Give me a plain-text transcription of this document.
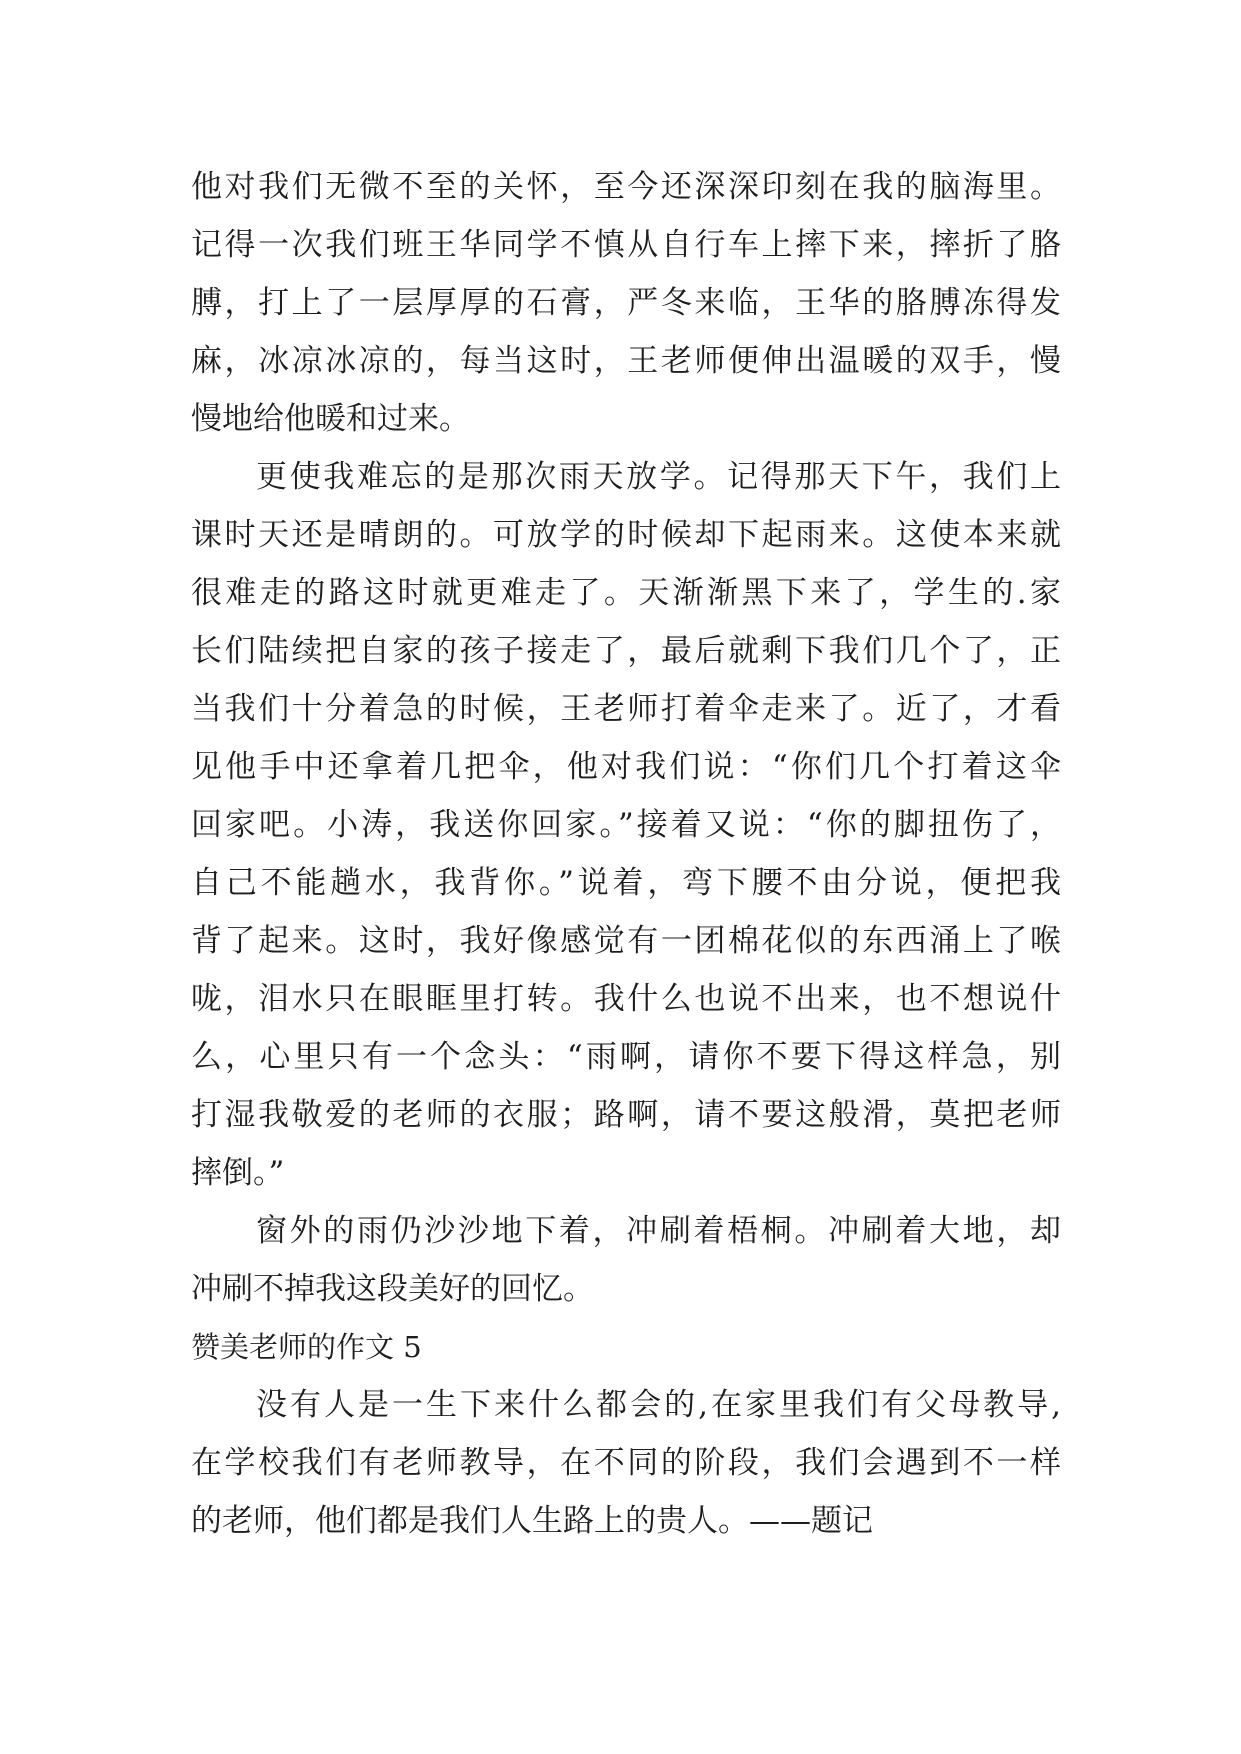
他对我们无微不至的关怀，至今还深深印刻在我的脑海里。
记得一次我们班王华同学不慎从自行车上摔下来，摔折了胳
膊，打上了一层厚厚的石膏，严冬来临，王华的胳膊冻得发
麻，冰凉冰凉的，每当这时，王老师便伸出温暖的双手，慢
慢地给他暖和过来。
更使我难忘的是那次雨天放学。记得那天下午，我们上
课时天还是晴朗的。可放学的时候却下起雨来。这使本来就
很难走的路这时就更难走了。天渐渐黑下来了，学生的.家
长们陆续把自家的孩子接走了，最后就剩下我们几个了，正
当我们十分着急的时候，王老师打着伞走来了。近了，才看
见他手中还拿着几把伞，他对我们说：“你们几个打着这伞
回家吧。小涛，我送你回家。”接着又说：“你的脚扭伤了，
自己不能趟水，我背你。”说着，弯下腰不由分说，便把我
背了起来。这时，我好像感觉有一团棉花似的东西涌上了喉
咙，泪水只在眼眶里打转。我什么也说不出来，也不想说什
么，心里只有一个念头：“雨啊，请你不要下得这样急，别
打湿我敬爱的老师的衣服；路啊，请不要这般滑，莫把老师
摔倒。”
窗外的雨仍沙沙地下着，冲刷着梧桐。冲刷着大地，却
冲刷不掉我这段美好的回忆。
赞美老师的作文 5
没有人是一生下来什么都会的,在家里我们有父母教导,
在学校我们有老师教导，在不同的阶段，我们会遇到不一样
的老师，他们都是我们人生路上的贵人。——题记
